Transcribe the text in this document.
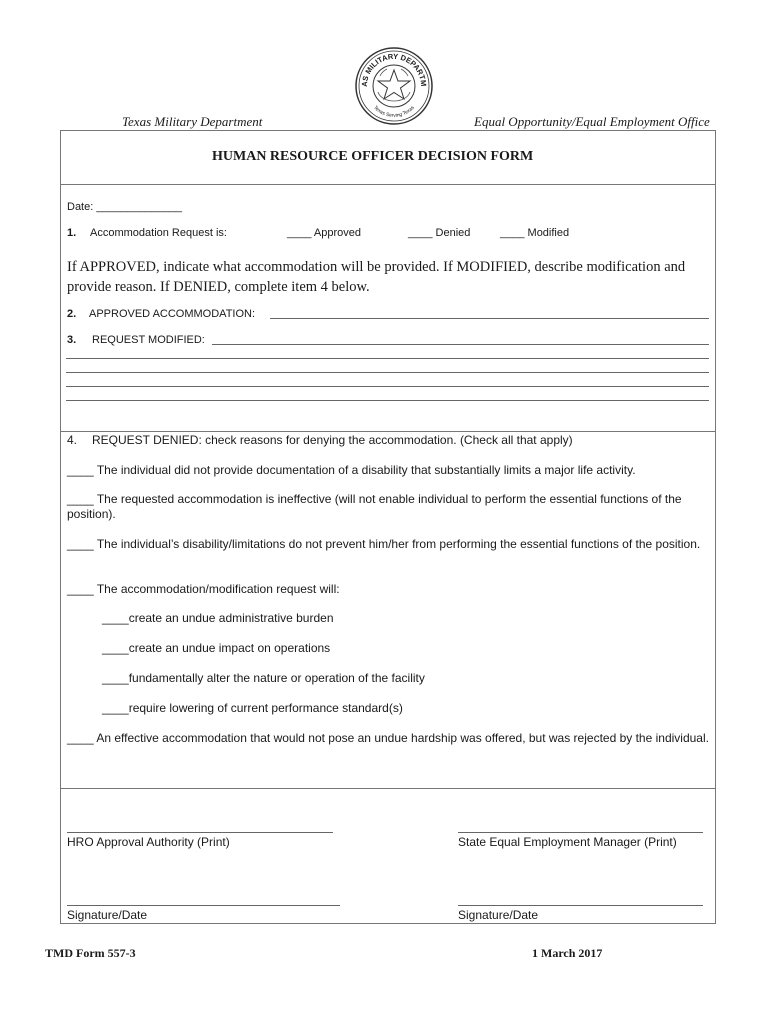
AS MILITARY DEPARTM
Texas Serving Texas
Texas Military Department	Equal Opportunity/Equal Employment Office
HUMAN RESOURCE OFFICER DECISION FORM
Date: ______________
1. Accommodation Request is:	____ Approved	____ Denied	____ Modified
If APPROVED, indicate what accommodation will be provided. If MODIFIED, describe modification and provide reason. If DENIED, complete item 4 below.
2. APPROVED ACCOMMODATION:
3. REQUEST MODIFIED:
4. REQUEST DENIED: check reasons for denying the accommodation. (Check all that apply)
____ The individual did not provide documentation of a disability that substantially limits a major life activity.
____ The requested accommodation is ineffective (will not enable individual to perform the essential functions of the position).
____ The individual’s disability/limitations do not prevent him/her from performing the essential functions of the position.
____ The accommodation/modification request will:
____create an undue administrative burden
____create an undue impact on operations
____fundamentally alter the nature or operation of the facility
____require lowering of current performance standard(s)
____ An effective accommodation that would not pose an undue hardship was offered, but was rejected by the individual.
HRO Approval Authority (Print)	State Equal Employment Manager (Print)
Signature/Date	Signature/Date
TMD Form 557-3	1 March 2017
